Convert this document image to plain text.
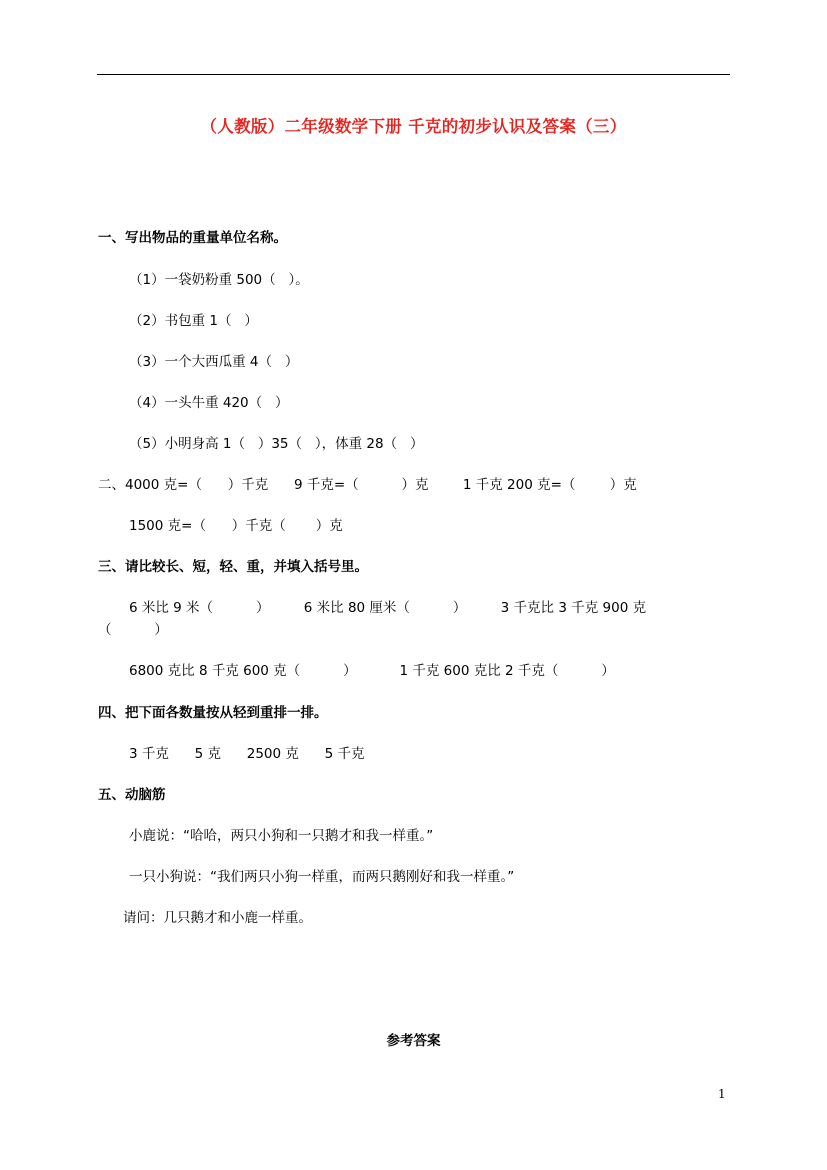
（人教版）二年级数学下册 千克的初步认识及答案（三）
一、写出物品的重量单位名称。
（1）一袋奶粉重 500（   ）。
（2）书包重 1（   ）
（3）一个大西瓜重 4（   ）
（4）一头牛重 420（   ）
（5）小明身高 1（   ）35（   ），体重 28（   ）
二、4000 克=（      ）千克      9 千克=（          ）克        1 千克 200 克=（        ）克
1500 克=（      ）千克（       ）克
三、请比较长、短，轻、重，并填入括号里。
6 米比 9 米（          ）        6 米比 80 厘米（          ）        3 千克比 3 千克 900 克
（          ）
6800 克比 8 千克 600 克（          ）          1 千克 600 克比 2 千克（          ）
四、把下面各数量按从轻到重排一排。
3 千克      5 克      2500 克      5 千克
五、动脑筋
小鹿说：“哈哈，两只小狗和一只鹅才和我一样重。”
一只小狗说：“我们两只小狗一样重，而两只鹅刚好和我一样重。”
请问：几只鹅才和小鹿一样重。
参考答案
1
